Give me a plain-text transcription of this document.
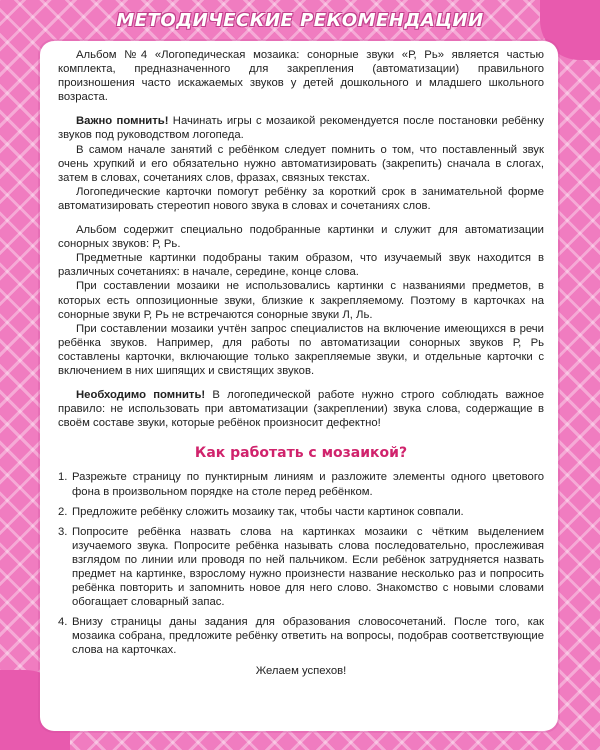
МЕТОДИЧЕСКИЕ РЕКОМЕНДАЦИИ

Альбом №4 «Логопедическая мозаика: сонорные звуки «Р, Рь» является частью комплекта, предназначенного для закрепления (автоматизации) правильного произношения часто искажаемых звуков у детей дошкольного и младшего школьного возраста.

Важно помнить! Начинать игры с мозаикой рекомендуется после постановки ребёнку звуков под руководством логопеда.

В самом начале занятий с ребёнком следует помнить о том, что поставленный звук очень хрупкий и его обязательно нужно автоматизировать (закрепить) сначала в слогах, затем в словах, сочетаниях слов, фразах, связных текстах.

Логопедические карточки помогут ребёнку за короткий срок в занимательной форме автоматизировать стереотип нового звука в словах и сочетаниях слов.

Альбом содержит специально подобранные картинки и служит для автоматизации сонорных звуков: Р, Рь.

Предметные картинки подобраны таким образом, что изучаемый звук находится в различных сочетаниях: в начале, середине, конце слова.

При составлении мозаики не использовались картинки с названиями предметов, в которых есть оппозиционные звуки, близкие к закрепляемому. Поэтому в карточках на сонорные звуки Р, Рь не встречаются сонорные звуки Л, Ль.

При составлении мозаики учтён запрос специалистов на включение имеющихся в речи ребёнка звуков. Например, для работы по автоматизации сонорных звуков Р, Рь составлены карточки, включающие только закрепляемые звуки, и отдельные карточки с включением в них шипящих и свистящих звуков.

Необходимо помнить! В логопедической работе нужно строго соблюдать важное правило: не использовать при автоматизации (закреплении) звука слова, содержащие в своём составе звуки, которые ребёнок произносит дефектно!

Как работать с мозаикой?
1. Разрежьте страницу по пунктирным линиям и разложите элементы одного цветового фона в произвольном порядке на столе перед ребёнком.
2. Предложите ребёнку сложить мозаику так, чтобы части картинок совпали.
3. Попросите ребёнка назвать слова на картинках мозаики с чётким выделением изучаемого звука. Попросите ребёнка называть слова последовательно, прослеживая взглядом по линии или проводя по ней пальчиком. Если ребёнок затрудняется назвать предмет на картинке, взрослому нужно произнести название несколько раз и попросить ребёнка повторить и запомнить новое для него слово. Знакомство с новыми словами обогащает словарный запас.
4. Внизу страницы даны задания для образования словосочетаний. После того, как мозаика собрана, предложите ребёнку ответить на вопросы, подобрав соответствующие слова на карточках.

Желаем успехов!
